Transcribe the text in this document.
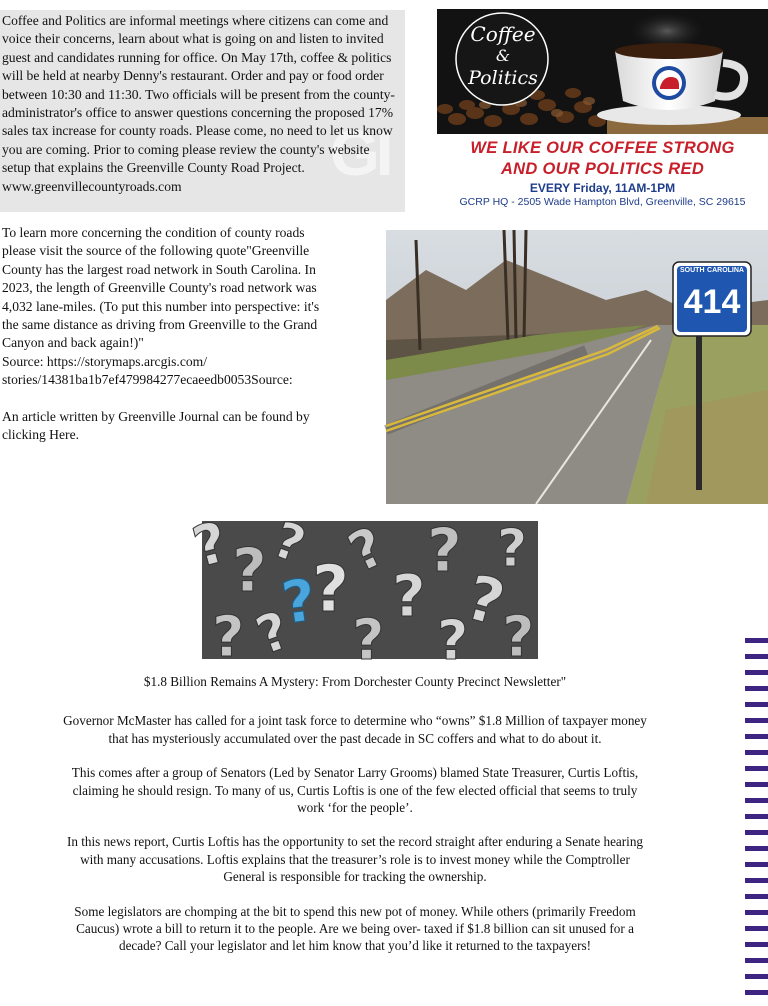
GI
Coffee and Politics are informal meetings where citizens can come and voice their concerns, learn about what is going on and listen to invited guest and candidates running for office. On May 17th, coffee & politics will be held at nearby Denny's restaurant. Order and pay or food order between 10:30 and 11:30. Two officials will be present from the county-administrator's office to answer questions concerning the proposed 17% sales tax increase for county roads. Please come, no need to let us know you are coming. Prior to coming please review the county's website setup that explains the Greenville County Road Project. www.greenvillecountyroads.com
Coffee
&
Politics
WE LIKE OUR COFFEE STRONG
AND OUR POLITICS RED
EVERY Friday, 11AM-1PM
GCRP HQ - 2505 Wade Hampton Blvd, Greenville, SC 29615

To learn more concerning the condition of county roads please visit the source of the following quote"Greenville County has the largest road network in South Carolina. In 2023, the length of Greenville County's road network was 4,032 lane-miles. (To put this number into perspective: it's the same distance as driving from Greenville to the Grand Canyon and back again!)"

Source: https://storymaps.arcgis.com/ stories/14381ba1b7ef479984277ecaeedb0053Source:

An article written by Greenville Journal can be found by clicking Here.

SOUTH CAROLINA
414
?
?
?
?
?
?
?
?
?
? ? ? ? ?
?

$1.8 Billion Remains A Mystery: From Dorchester County Precinct Newsletter"

Governor McMaster has called for a joint task force to determine who “owns” $1.8 Million of taxpayer money that has mysteriously accumulated over the past decade in SC coffers and what to do about it.

This comes after a group of Senators (Led by Senator Larry Grooms) blamed State Treasurer, Curtis Loftis, claiming he should resign. To many of us, Curtis Loftis is one of the few elected official that seems to truly work ‘for the people’.

In this news report, Curtis Loftis has the opportunity to set the record straight after enduring a Senate hearing with many accusations. Loftis explains that the treasurer’s role is to invest money while the Comptroller General is responsible for tracking the ownership.

Some legislators are chomping at the bit to spend this new pot of money. While others (primarily Freedom Caucus) wrote a bill to return it to the people. Are we being over- taxed if $1.8 billion can sit unused for a decade? Call your legislator and let him know that you’d like it returned to the taxpayers!
